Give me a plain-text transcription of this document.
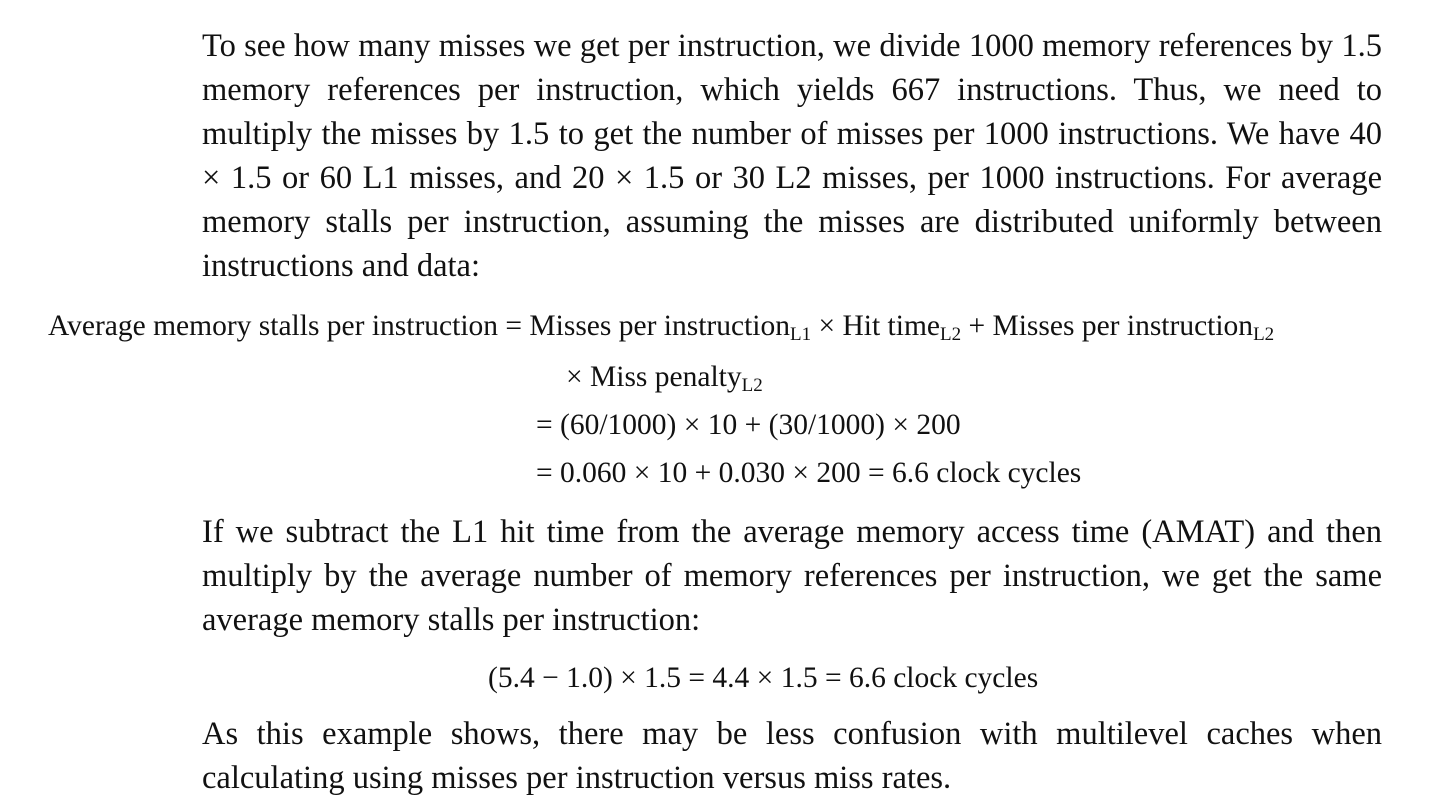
To see how many misses we get per instruction, we divide 1000 memory references by 1.5 memory references per instruction, which yields 667 instructions. Thus, we need to multiply the misses by 1.5 to get the number of misses per 1000 instructions. We have 40 × 1.5 or 60 L1 misses, and 20 × 1.5 or 30 L2 misses, per 1000 instructions. For average memory stalls per instruction, assuming the misses are distributed uniformly between instructions and data:

Average memory stalls per instruction = Misses per instruction$_{L1}$ × Hit time$_{L2}$ + Misses per instruction$_{L2}$
× Miss penalty$_{L2}$
= (60/1000) × 10 + (30/1000) × 200
= 0.060 × 10 + 0.030 × 200 = 6.6 clock cycles

If we subtract the L1 hit time from the average memory access time (AMAT) and then multiply by the average number of memory references per instruction, we get the same average memory stalls per instruction:

(5.4 − 1.0) × 1.5 = 4.4 × 1.5 = 6.6 clock cycles

As this example shows, there may be less confusion with multilevel caches when calculating using misses per instruction versus miss rates.
